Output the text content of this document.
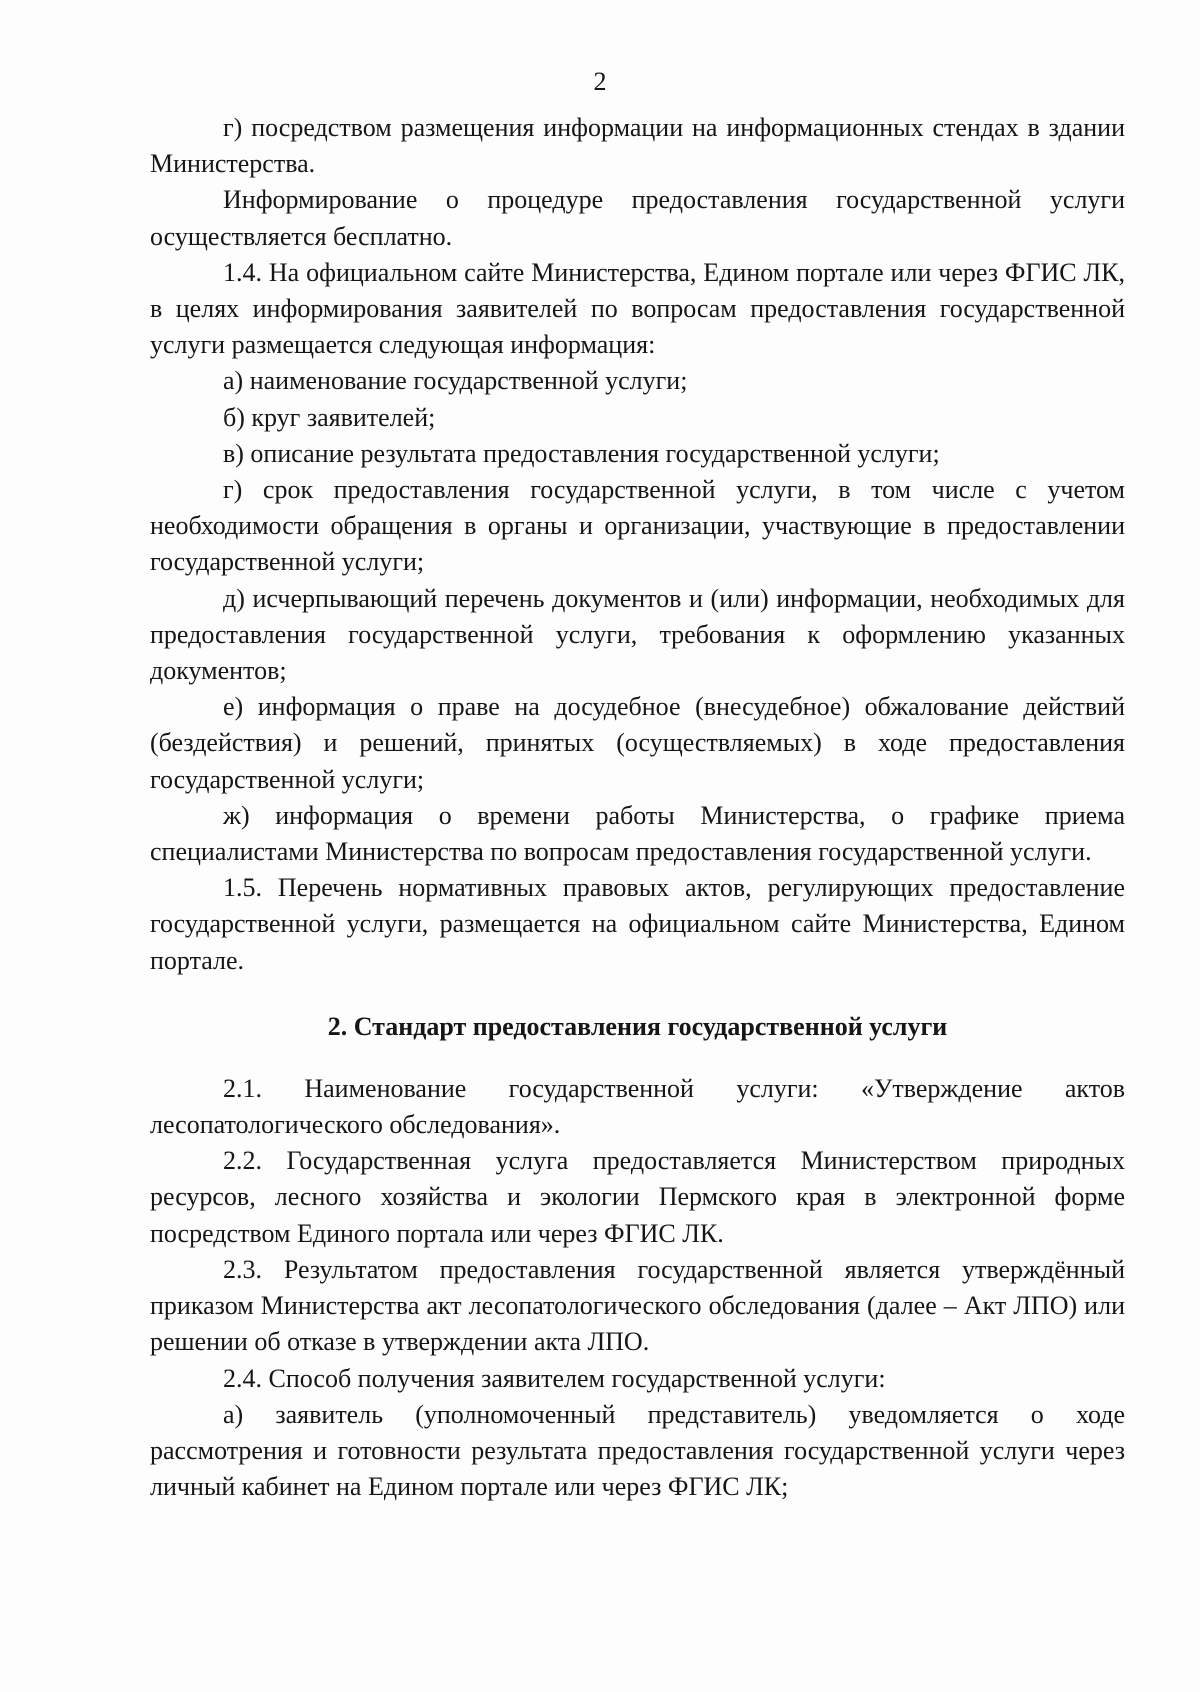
2

г) посредством размещения информации на информационных стендах в здании Министерства.

Информирование о процедуре предоставления государственной услуги осуществляется бесплатно.

1.4. На официальном сайте Министерства, Едином портале или через ФГИС ЛК, в целях информирования заявителей по вопросам предоставления государственной услуги размещается следующая информация:

а) наименование государственной услуги;

б) круг заявителей;

в) описание результата предоставления государственной услуги;

г) срок предоставления государственной услуги, в том числе с учетом необходимости обращения в органы и организации, участвующие в предоставлении государственной услуги;

д) исчерпывающий перечень документов и (или) информации, необходимых для предоставления государственной услуги, требования к оформлению указанных документов;

е) информация о праве на досудебное (внесудебное) обжалование действий (бездействия) и решений, принятых (осуществляемых) в ходе предоставления государственной услуги;

ж) информация о времени работы Министерства, о графике приема специалистами Министерства по вопросам предоставления государственной услуги.

1.5. Перечень нормативных правовых актов, регулирующих предоставление государственной услуги, размещается на официальном сайте Министерства, Едином портале.

2. Стандарт предоставления государственной услуги

2.1. Наименование государственной услуги: «Утверждение актов лесопатологического обследования».

2.2. Государственная услуга предоставляется Министерством природных ресурсов, лесного хозяйства и экологии Пермского края в электронной форме посредством Единого портала или через ФГИС ЛК.

2.3. Результатом предоставления государственной является утверждённый приказом Министерства акт лесопатологического обследования (далее – Акт ЛПО) или решении об отказе в утверждении акта ЛПО.

2.4. Способ получения заявителем государственной услуги:

а) заявитель (уполномоченный представитель) уведомляется о ходе рассмотрения и готовности результата предоставления государственной услуги через личный кабинет на Едином портале или через ФГИС ЛК;
